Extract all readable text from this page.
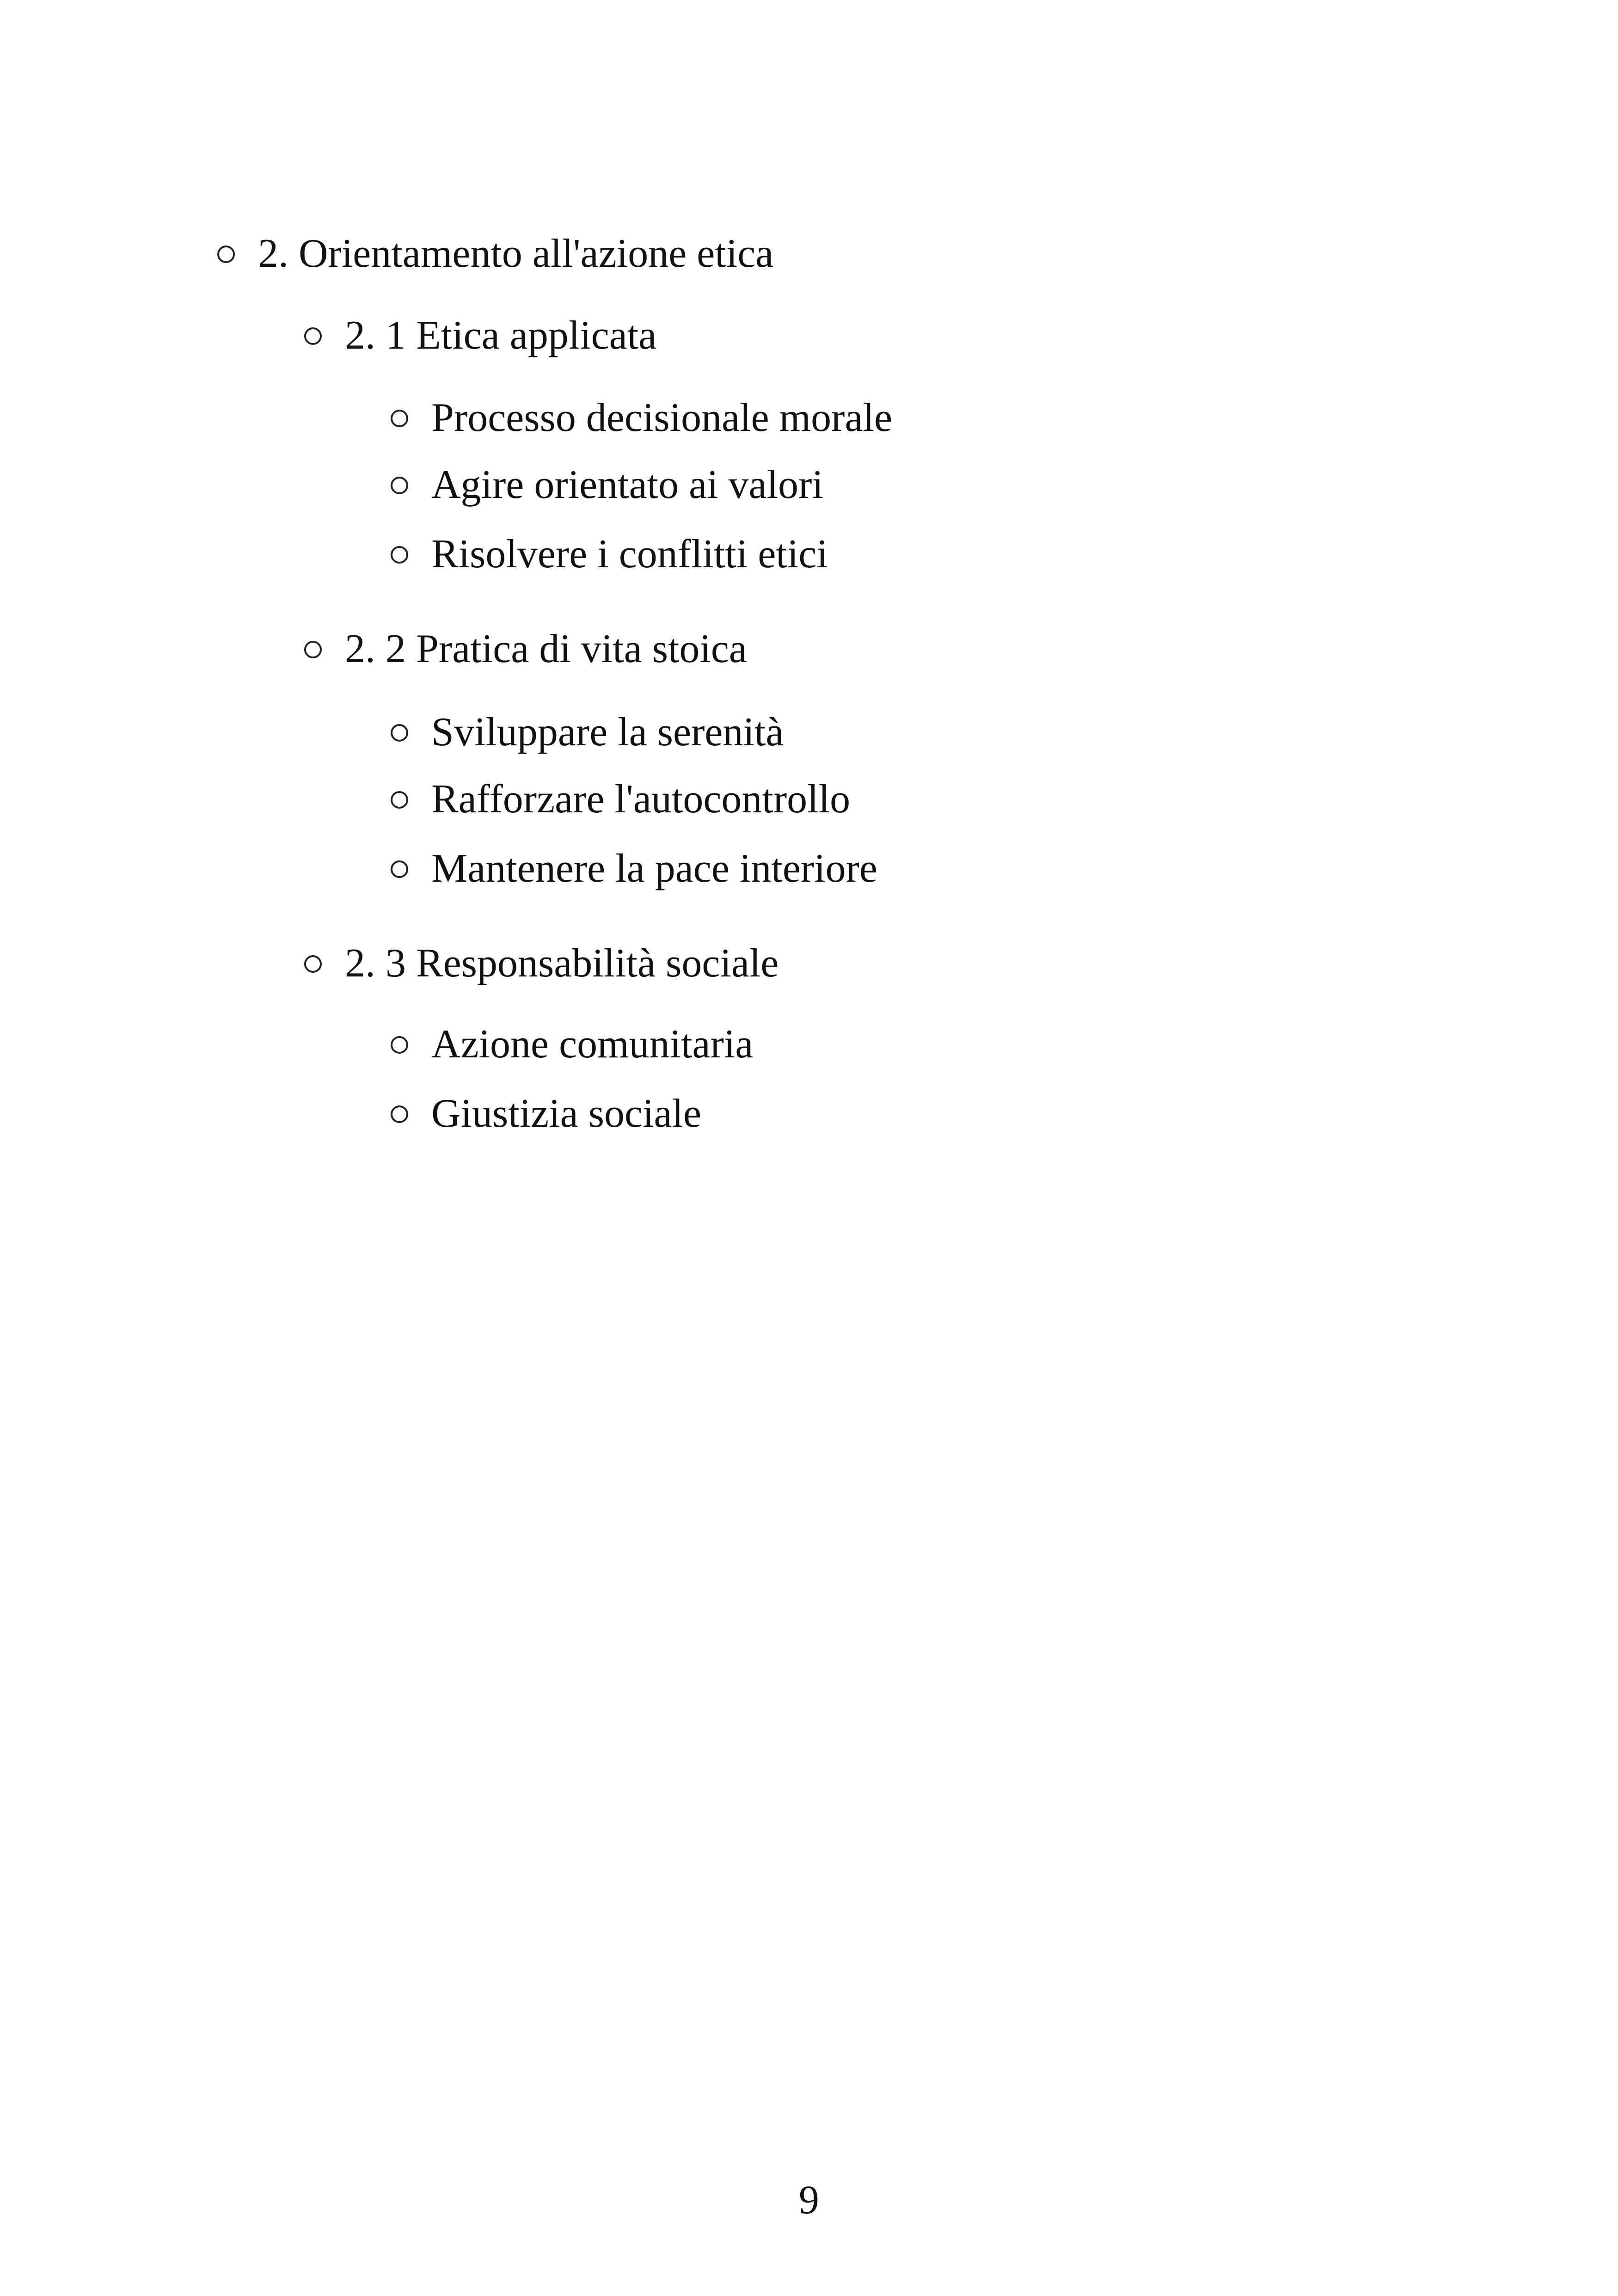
2. Orientamento all'azione etica
2. 1 Etica applicata
Processo decisionale morale
Agire orientato ai valori
Risolvere i conflitti etici
2. 2 Pratica di vita stoica
Sviluppare la serenità
Rafforzare l'autocontrollo
Mantenere la pace interiore
2. 3 Responsabilità sociale
Azione comunitaria
Giustizia sociale
9
